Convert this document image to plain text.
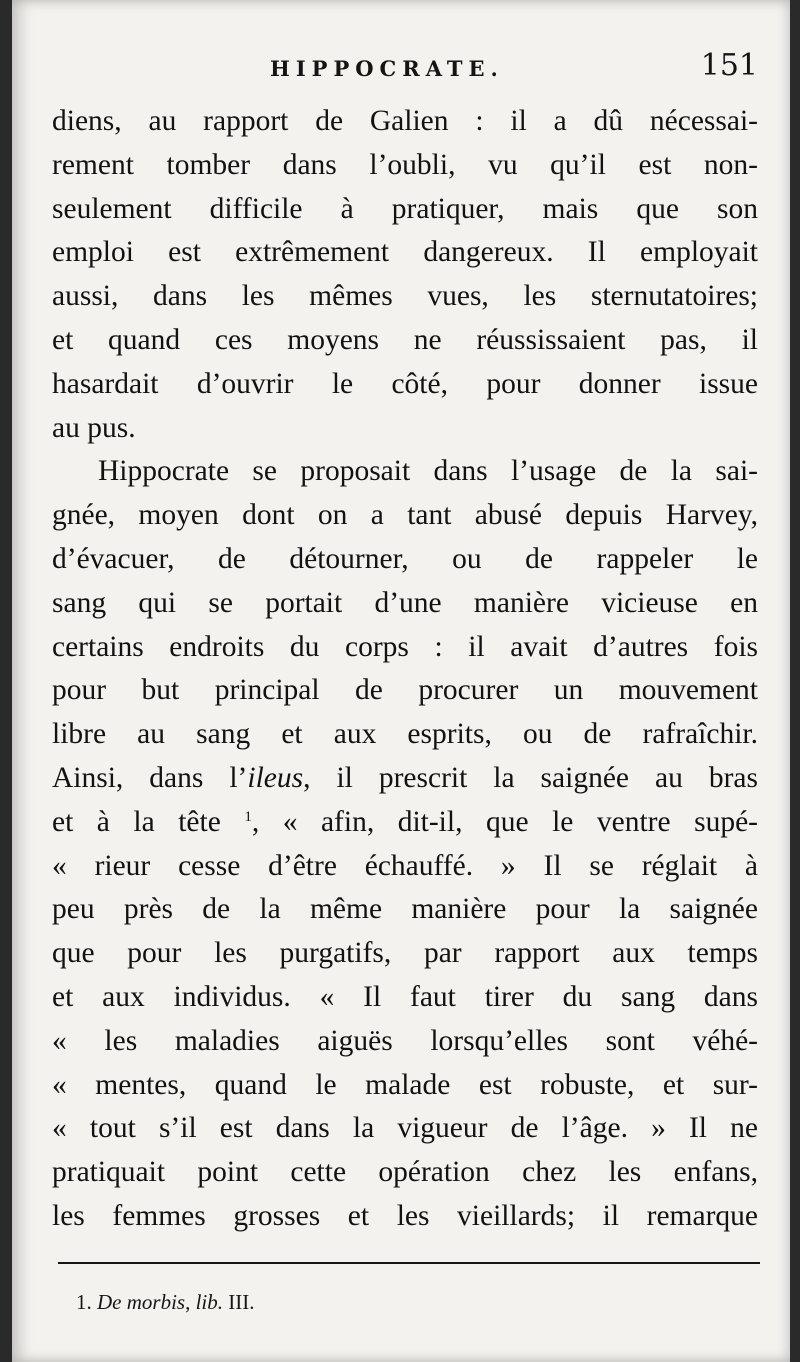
HIPPOCRATE.	151
diens, au rapport de Galien : il a dû nécessai-
rement tomber dans l’oubli, vu qu’il est non-
seulement difficile à pratiquer, mais que son
emploi est extrêmement dangereux. Il employait
aussi, dans les mêmes vues, les sternutatoires;
et quand ces moyens ne réussissaient pas, il
hasardait d’ouvrir le côté, pour donner issue
au pus.
Hippocrate se proposait dans l’usage de la sai-
gnée, moyen dont on a tant abusé depuis Harvey,
d’évacuer, de détourner, ou de rappeler le
sang qui se portait d’une manière vicieuse en
certains endroits du corps : il avait d’autres fois
pour but principal de procurer un mouvement
libre au sang et aux esprits, ou de rafraîchir.
Ainsi, dans l’ileus, il prescrit la saignée au bras
et à la tête $^1$, « afin, dit-il, que le ventre supé-
« rieur cesse d’être échauffé. » Il se réglait à
peu près de la même manière pour la saignée
que pour les purgatifs, par rapport aux temps
et aux individus. « Il faut tirer du sang dans
« les maladies aiguës lorsqu’elles sont véhé-
« mentes, quand le malade est robuste, et sur-
« tout s’il est dans la vigueur de l’âge. » Il ne
pratiquait point cette opération chez les enfans,
les femmes grosses et les vieillards; il remarque
1. De morbis, lib. III.
